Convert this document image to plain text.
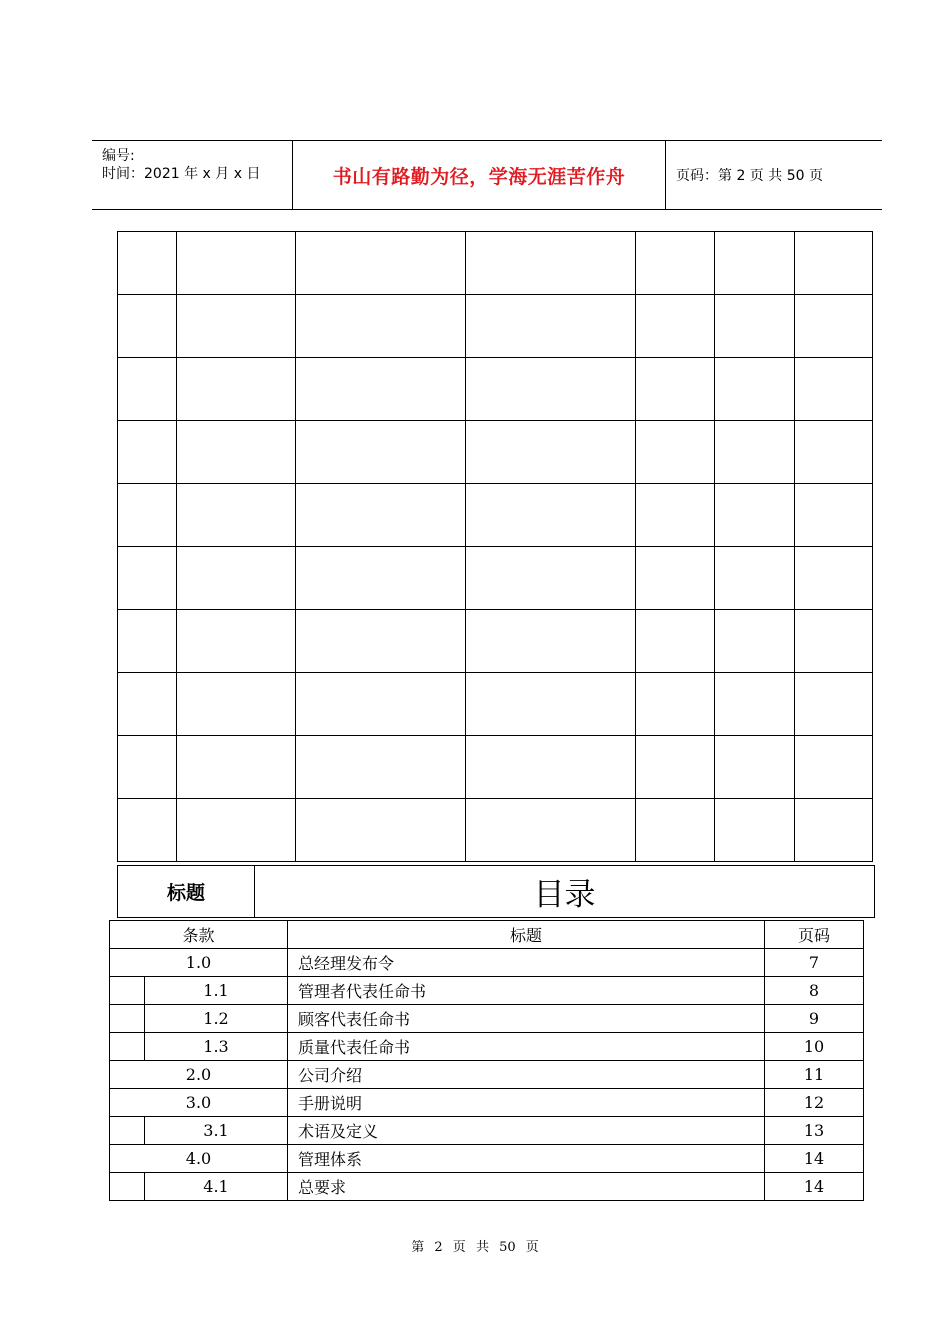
编号:
时间：2021 年 x 月 x 日	书山有路勤为径，学海无涯苦作舟	页码：第 2 页 共 50 页

标题	目录
条款		标题	页码
1.0		总经理发布令	7
	1.1	管理者代表任命书	8
	1.2	顾客代表任命书	9
	1.3	质量代表任命书	10
2.0		公司介绍	11
3.0		手册说明	12
	3.1	术语及定义	13
4.0		管理体系	14
	4.1	总要求	14
第 2 页 共 50 页
